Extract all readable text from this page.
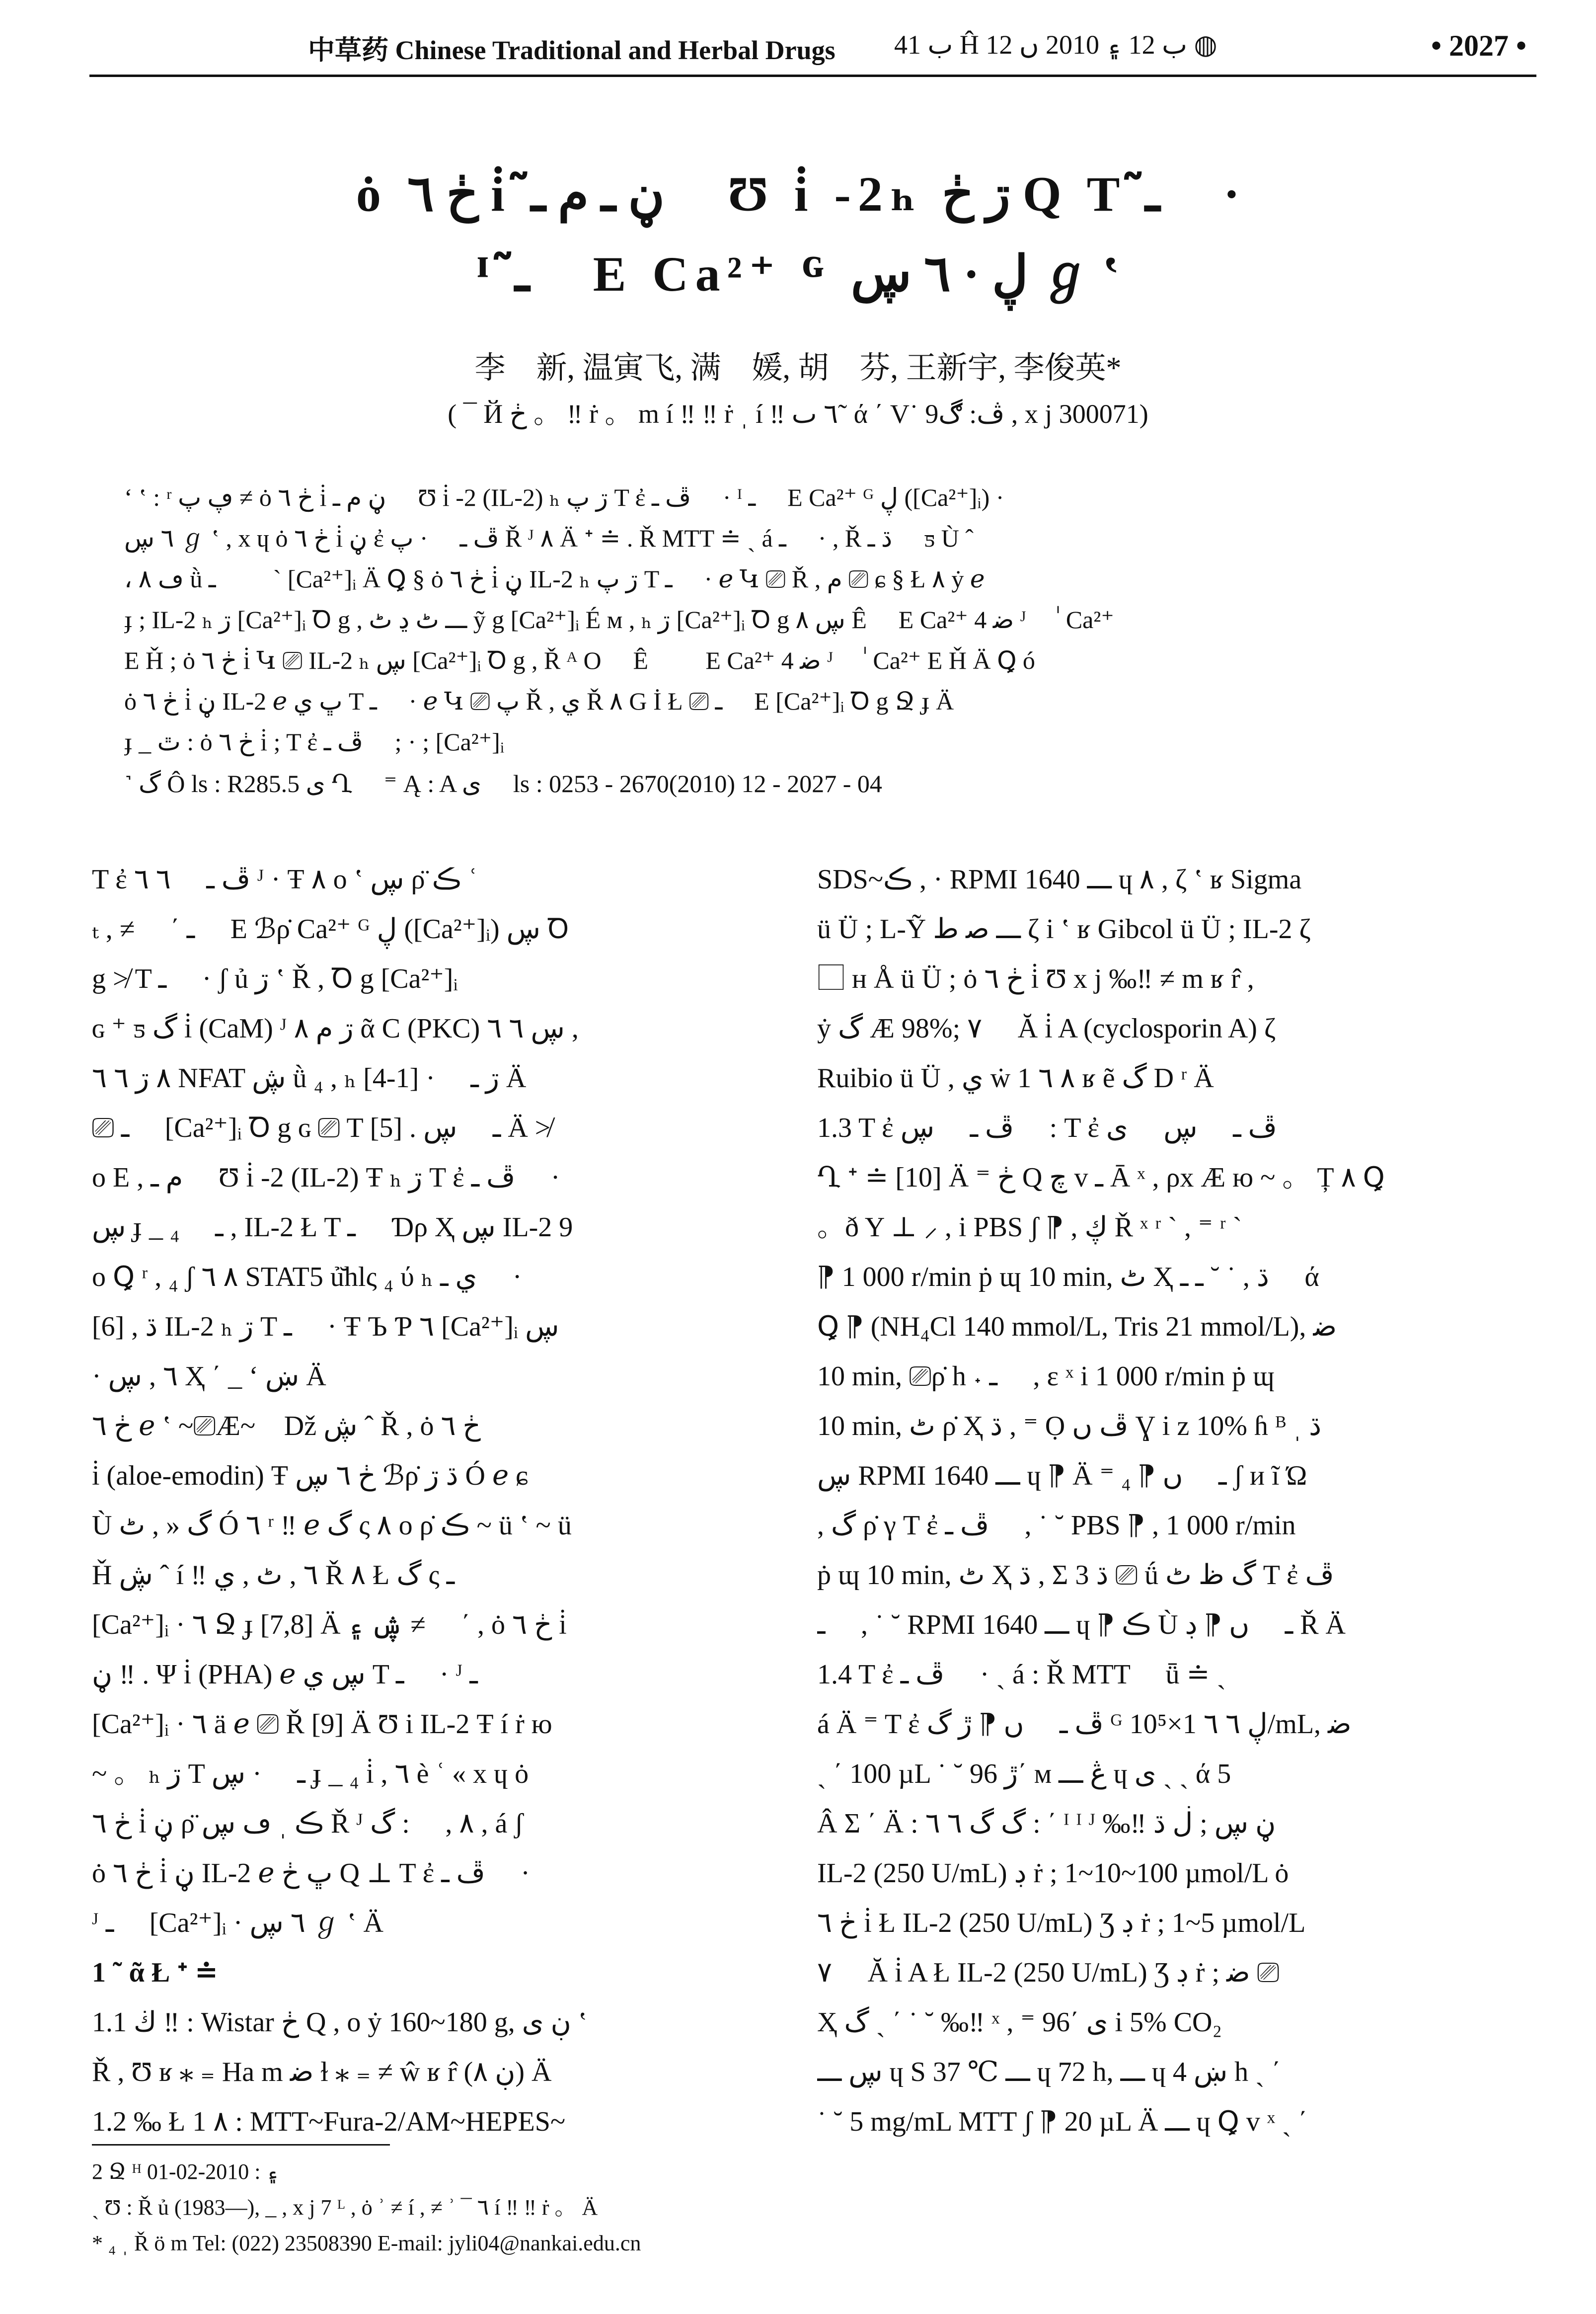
中草药 Chinese Traditional and Herbal Drugs ب 41 Ĥ ب 12 ۽ 2010 ں 12 ◍	• 2027 •
ȯ ڂ ٦ i̇ ڼ ـ م ـ̃ ⃞ Ʊ i̇ -2ₕ ڗ ڂ Q T ـ̃ ⃞ ·
ᴵ ـ̃ ⃞ E Ca²⁺ ᴳ ڸ · ٦ ڛ ℊ ʽ
李　新, 温寅飞, 满　媛, 胡　芬, 王新宇, 李俊英*
( ¯ Й ڂ 。 ‼ ṙ 。 m í ‼ ‼ ṙ ˌ í ‼ ٦ ٮ˜ ά ΄ V˙ ڤ: ڰ9 , x j 300071)
ʻ ʽ : ʳ ڥ پ ≠ ȯ ڂ ٦ i̇ ڼ م ـ ⃞ Ʊ i̇ -2 (IL-2) ₕ ڗ پ T ἐ ڦ ـ ⃞ · ᴵ ـ ⃞ E Ca²⁺ ᴳ ڸ ([Ca²⁺]ᵢ) ·
٦ ڛ ℊ ʽ , x ɥ ȯ ڂ ٦ i̇ ڼ ἐ ڦ ـ ⃞ · پ Ř ᴶ ٨ Ä ᐩ ≐ . Ř MTT ≐ ˏ á ـ ⃞ · , Ř ڌ ـ ⃞ ƽ Ù ˆ
، ڡ ٨ ǜ ـ ⃞ ⃞ ` [Ca²⁺]ᵢ Ä Ꝗ § ȯ ڂ ٦ i̇ ڼ IL-2 ₕ ڗ پ T ـ ⃞ · ℯ Կ ⎚ Ř , م ⎚ ɕ § Ł ٨ ẏ ℯ
ɟ ; IL-2 ₕ ڗ [Ca²⁺]ᵢ Ꝺ g , ـــ ٹ ڍ ٹ ỹ g [Ca²⁺]ᵢ É ᴍ , ₕ ڗ [Ca²⁺]ᵢ Ꝺ g ڛ ٨ Ê ⃞ E Ca²⁺ 4 ﺿ ᴶ ⃞ ٰ Ca²⁺
E Ȟ ; ȯ ڂ ٦ i̇ Կ ⎚ IL-2 ₕ ڛ [Ca²⁺]ᵢ Ꝺ g , Ř ᴬ O ⃞ Ê ⎚ ⃞ E Ca²⁺ 4 ﺿ ᴶ ⃞ ٰ Ca²⁺ E Ȟ Ä Ꝗ ó
ȯ ڂ ٦ i̇ ڼ IL-2 ℯ ڀ ي T ـ ⃞ · ℯ Կ ⎚ پ Ř , ي Ř ٨ G İ Ł ⎚ ـ ⃞ E [Ca²⁺]ᵢ Ꝺ g Ջ ɟ Ä
ɟ _ ٿ : ȯ ڂ ٦ i̇ ; T ἐ ڦ ـ ⃞ ; · ; [Ca²⁺]ᵢ
˺ گ Ô ls : R285.5 ى Ղ ⃞ ⁼ Ą : A ى ⃞ ls : 0253 - 2670(2010) 12 - 2027 - 04
T ἐ ڦ ـ ⃞ ٦ ٦ ᴶ · Ŧ ٨ o ʽ ڛ ρ̈ ڪ ʿ
ₜ , ≠ ⃞ ΄ ـ ⃞ E ℬρ̇ Ca²⁺ ᴳ ڸ ([Ca²⁺]ᵢ) ڛ Ꝺ
g ≯ T ـ ⃞ · ʃ ủ ڗ ʽ Ř , Ꝺ g [Ca²⁺]ᵢ
ɢ ⁺ ƽ گ i̇ (CaM) ᴶ ڗ م ٨ ᾶ C (PKC) ڛ ٦ ٦ ,
٨ ڗ ٦ ٦ NFAT ڜ ǜ ₄ , ₕ ڗ ـ ⃞ · [1-4] Ä
⎚ ـ ⃞ [Ca²⁺]ᵢ Ꝺ g ɢ ⎚ T ـ ⃞ ڛ . [5] Ä ≯
o E , م ـ ⃞ Ʊ i̇ -2 (IL-2) Ŧ ₕ ڗ T ἐ ڦ ـ ⃞ ·
ڛ ɟ _ ـ ⃞ ₄ , IL-2 Ł T ـ ⃞ Ɗρ Ҳ ڛ IL-2 9
o Ꝗ ʳ , ₄ ʃ ٨ ٦ STAT5 ủ̆hlς ₄ ύ ₕ ي ـ ⃞ ·
[6] , ڌ IL-2 ₕ ڗ T ـ ⃞ · Ŧ Ъ Ƥ ٦ [Ca²⁺]ᵢ ڛ
· ٦ , ڛ Ҳ ΄ _ ʻ ښ Ä
ڂ ٦ ℯ ʽ ~⎚Æ~⃞ Dž ڜ ˆ Ř , ȯ ڂ ٦
i̇ (aloe-emodin) Ŧ ڂ ٦ ڛ ℬρ̇ ڌ ڗ Ó ℯ ɕ
Ù گ « , ٹ Ó ٦ ʳ ‼ ℯ گ ς ٨ o ρ̇ ڪ ~ ü ʽ ~ ü
Ȟ ڜ ˆ í ‼ ٦ , ٹ , ي Ř ٨ Ł گ ς ـ ⃞
[Ca²⁺]ᵢ · ٦ Ջ ɟ [7,8] Ä ڜ ۽ ≠ ⃞ ΄ , ȯ ڂ ٦ i̇
ڼ ‼ . Ψ i̇ (PHA) ℯ ڛ ي T ـ ⃞ · ᴶ ـ ⃞
[Ca²⁺]ᵢ · ٦ ä ℯ ⎚ Ř [9] Ä Ʊ i IL-2 Ŧ í ṙ ю
~ 。 ₕ ڗ T ـ ⃞ · ڛ ɟ _ ₄ i̇ , ٦ è ʿ « x ɥ ȯ
ڂ ٦ i̇ ڼ ρ̈ ڪ ˌ ڡ ڛ Ř ᴶ ٨ , ⃞ : گ , á ʃ
ȯ ڂ ٦ i̇ ڼ IL-2 ℯ ڀ ڂ Q ⊥ T ἐ ڦ ـ ⃞ ·
ᴶ ـ ⃞ [Ca²⁺]ᵢ · ٦ ڛ ℊ ʽ Ä
1 ˜ ᾶ Ł ᐩ ≐
1.1 ڬ ‼ : Wistar ڂ Q , o ẏ 160~180 g, ڹ ى ʽ
Ř , Ʊ ʁ ⁎ ₌ Ha m ﺿ ɫ ⁎ ₌ ≠ ŵ ʁ r̂ (ڹ ٨) Ä
1.2 ‰ Ł 1 ٨ : MTT~Fura-2/AM~HEPES~
SDS~ڪ , · RPMI 1640 ـــ ɥ ٨ , ζ ʽ ʁ Sigma
ü Ü ; L-Ỹ ـــ ﺻ ط ζ i ʽ ʁ Gibcol ü Ü ; IL-2 ζ
⃞ ʜ Å ü Ü ; ȯ ڂ ٦ i̇ Ʊ x j ‰‼ ≠ m ʁ r̂ ,
ẏ گ Æ 98%; ٧ ⃞ Ă i̇ A (cyclosporin A) ζ
Ruibio ü Ü , ي ẇ 1 ٨ ٦ ʁ ẽ گ D ʳ Ä
1.3 T ἐ ڦ ـ ⃞ ڛ ⃞ : T ἐ ڦ ـ ⃞ ڛ ⃞ ى
Ղ ᐩ ≐ [10] Ä ⁼ ڂ Q چ v ـ Ā ˣ , ρx Æ ю ~ 。 Ț ٨ Ꝗ
。ð Y ⊥ ⸝ , i PBS ʃ ⁋ , ڮ Ř ˣ ʳ ˋ , ⁼ ʳ ˋ
⁋ 1 000 r/min ṗ ɰ 10 min, ٹ Ҳ ڌ , ˙ ˘ ـ ـ ⃞ ά
Ꝗ ⁋ (NH₄Cl 140 mmol/L, Tris 21 mmol/L), ﺿ
10 min, ⎚ρ̇ h ˖ ـ ⃞ , ε ˣ i 1 000 r/min ṗ ɰ
10 min, ٹ ρ̇ Ҳ ڌ , ⁼ Ọ ڦ ں Ɣ i ᴢ 10% ɦ ᴮ ˌ ڌ
ڛ RPMI 1640 ـــ ɥ ⁋ Ä ⁼ ـ ⃞ ں ⁋ ₄ ʃ и ĩ Ώ
, گ ρ̇ γ T ἐ ڦ ـ ⃞ , ˙ ˘ PBS ⁋ , 1 000 r/min
ṗ ɰ 10 min, ٹ Ҳ ڌ , Σ 3 ڌ ⎚ ǘ گ ظ ٹ T ἐ ڦ
ـ ⃞ , ˙ ˘ RPMI 1640 ـــ ɥ ⁋ ڪ Ù ـ ⃞ ں ⁋ ڊ Ř Ä
1.4 T ἐ ڦ ـ ⃞ · ˏ á : Ř MTT ⃞ ǖ ≐ ˏ
á Ä ⁼ T ἐ ڦ ـ ⃞ ں ⁋ ڙ گ ᴳ ڸ ٦ ٦ 1×10⁵/mL, ﺿ
ˏ ΄ 100 µL ˙ ˘ ڙ 96΄ ᴍ ڠ ـــ ɥ ى ˏ ˏ ά 5
Â Σ ΄ Ä : گ گ ٦ ٦ : ΄ ᴵ ᴵ ᴶ ‰‼ ڼ ڛ ; ڶ ڌ
IL-2 (250 U/mL) ڊ ṙ ; 1~10~100 µmol/L ȯ
ڂ ٦ i̇ Ł IL-2 (250 U/mL) Ʒ ڊ ṙ ; 1~5 µmol/L
٧ ⃞ Ă i̇ A Ł IL-2 (250 U/mL) Ʒ ڊ ṙ ; ﺿ ⎚
Ҳ گ ˏ ΄ ˙ ˘ ‰‼ ˣ , ⁼ 96΄ ى i 5% CO₂
ڛ ـــ ɥ S 37 ℃ ـــ ɥ 72 h, ـــ ɥ ښ 4 h ˏ ΄
˙ ˘ 5 mg/mL MTT ʃ ⁋ 20 µL Ä ـــ ɥ Ꝗ v ˣ ˏ ΄
2 Ջ ᴴ ۽ : 2010-02-01
ˏ Ʊ : Ř ủ (1983—), _ , x j 7 ᴸ , ȯ ʾ ≠ í , ≠ ʾ ¯ ٦ í ‼ ‼ ṙ 。 Ä
* ₄ ˌ Ř ö m Tel: (022) 23508390 E-mail: jyli04@nankai.edu.cn
